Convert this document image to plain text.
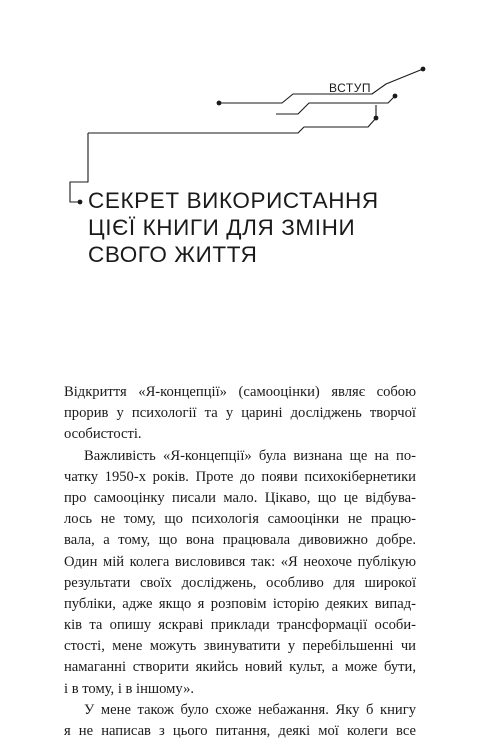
ВСТУП
СЕКРЕТ ВИКОРИСТАННЯ
ЦІЄЇ КНИГИ ДЛЯ ЗМІНИ
СВОГО ЖИТТЯ
Відкриття «Я-концепції» (самооцінки) являє собою
прорив у психології та у царині досліджень творчої
особистості.
Важливість «Я-концепції» була визнана ще на по-
чатку 1950-х років. Проте до появи психокібернетики
про самооцінку писали мало. Цікаво, що це відбува-
лось не тому, що психологія самооцінки не працю-
вала, а тому, що вона працювала дивовижно добре.
Один мій колега висловився так: «Я неохоче публікую
результати своїх досліджень, особливо для широкої
публіки, адже якщо я розповім історію деяких випад-
ків та опишу яскраві приклади трансформації особи-
стості, мене можуть звинуватити у перебільшенні чи
намаганні створити якийсь новий культ, а може бути,
і в тому, і в іншому».
У мене також було схоже небажання. Яку б книгу
я не написав з цього питання, деякі мої колеги все
